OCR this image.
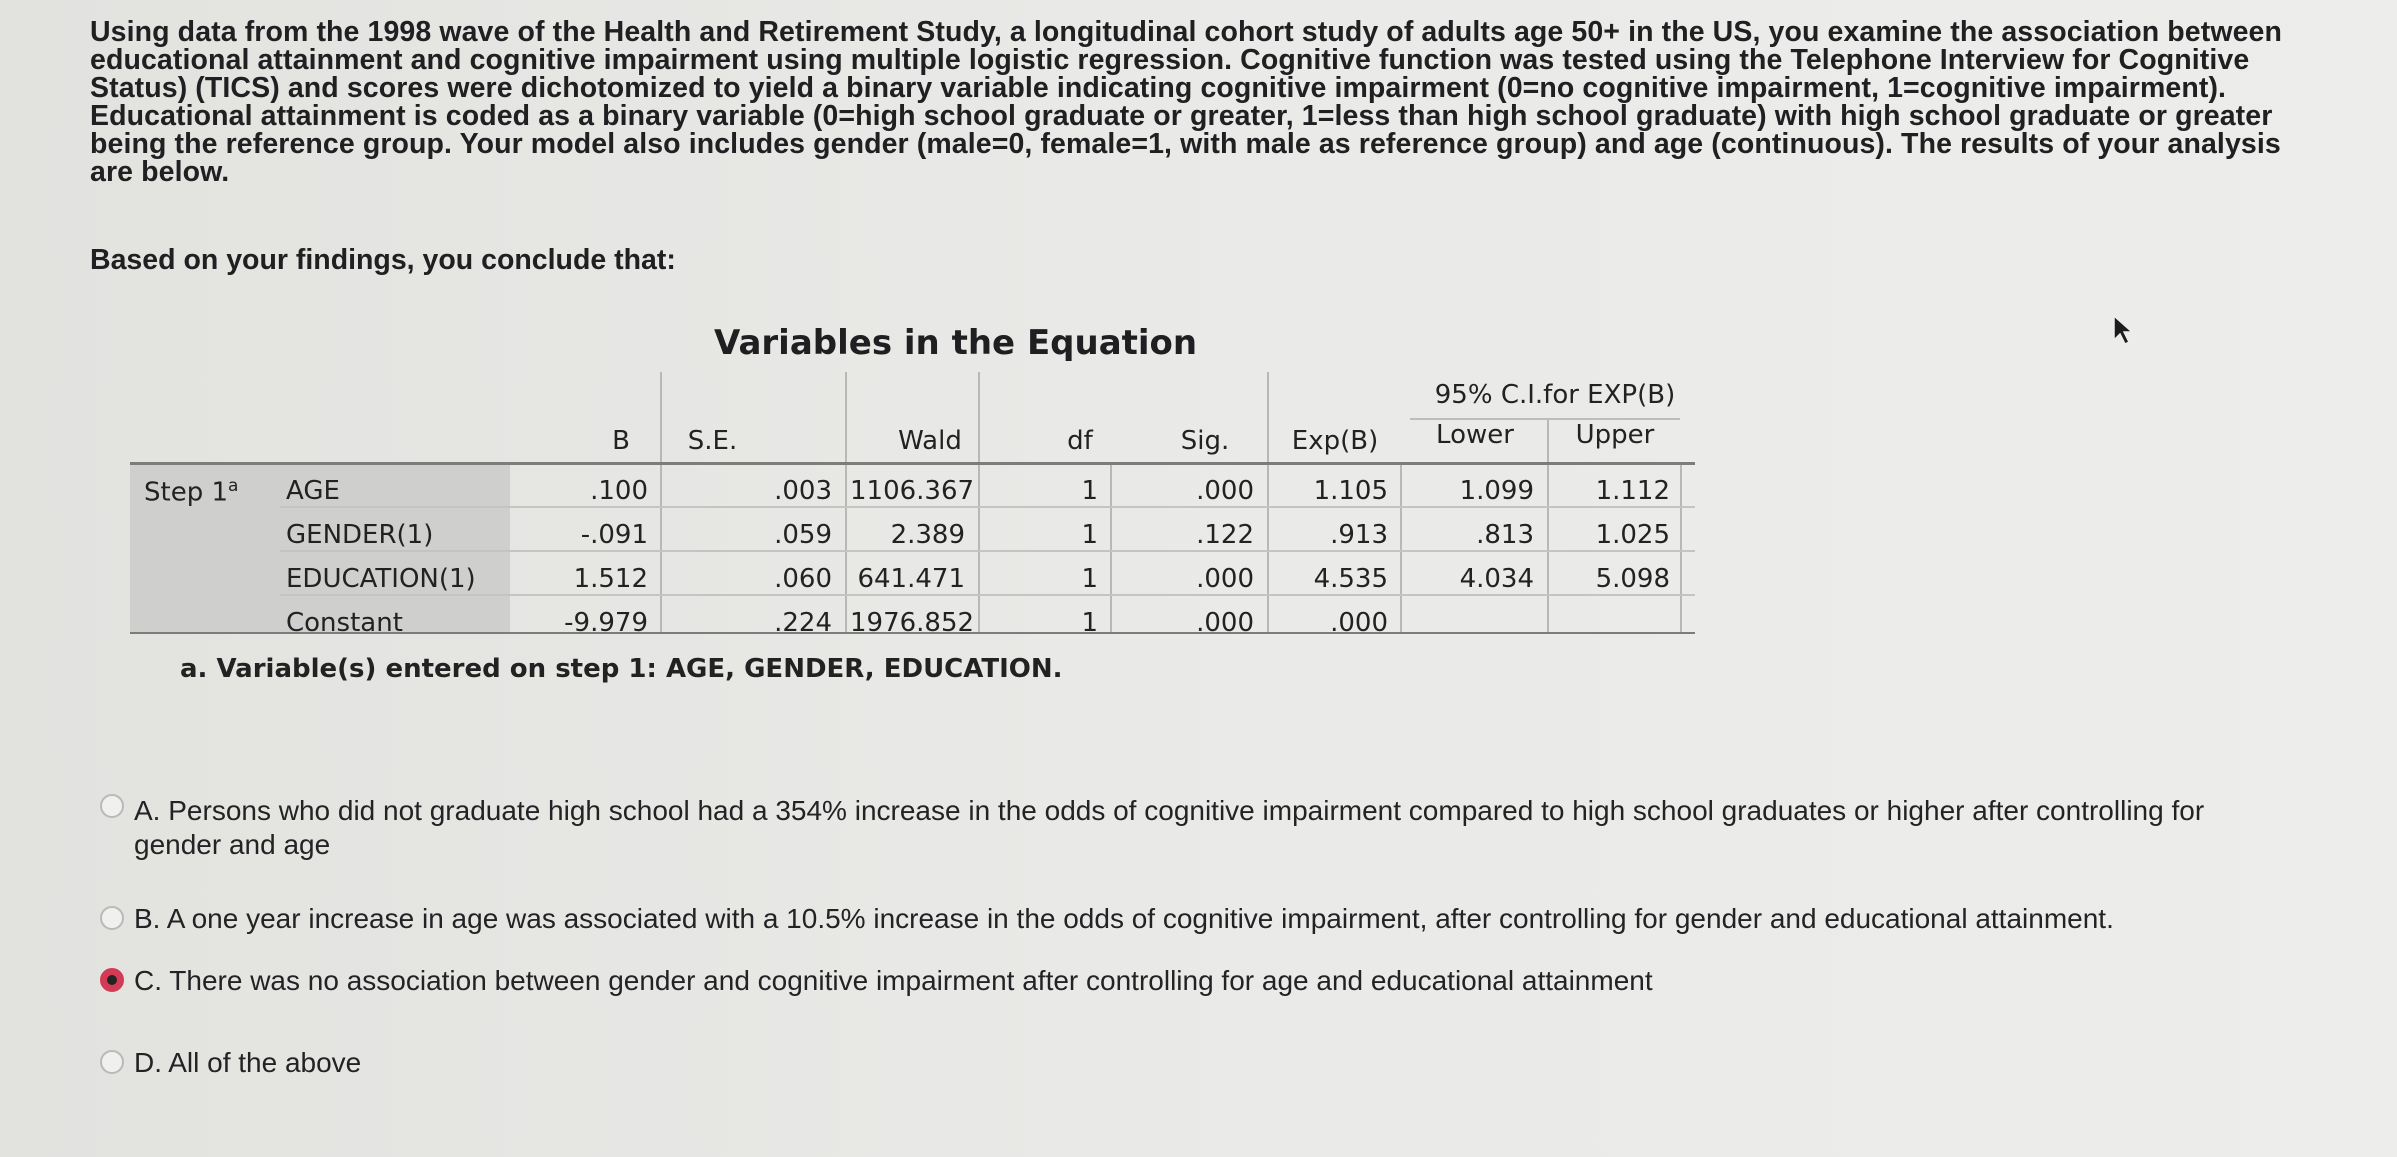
Using data from the 1998 wave of the Health and Retirement Study, a longitudinal cohort study of adults age 50+ in the US, you examine the association between educational attainment and cognitive impairment using multiple logistic regression. Cognitive function was tested using the Telephone Interview for Cognitive Status) (TICS) and scores were dichotomized to yield a binary variable indicating cognitive impairment (0=no cognitive impairment, 1=cognitive impairment). Educational attainment is coded as a binary variable (0=high school graduate or greater, 1=less than high school graduate) with high school graduate or greater being the reference group. Your model also includes gender (male=0, female=1, with male as reference group) and age (continuous). The results of your analysis are below.
Based on your findings, you conclude that:
Variables in the Equation
95% C.I.for EXP(B)
B	S.E.	Wald	df	Sig.	Exp(B)	Lower	Upper
Step 1$^a$ AGE	.100	.003 1106.367	1	.000	1.105	1.099	1.112
GENDER(1)	-.091	.059	2.389	1	.122	.913	.813	1.025
EDUCATION(1)	1.512	.060 641.471	1	.000	4.535	4.034	5.098
Constant	-9.979	.224 1976.852	1	.000	.000
a. Variable(s) entered on step 1: AGE, GENDER, EDUCATION.
A. Persons who did not graduate high school had a 354% increase in the odds of cognitive impairment compared to high school graduates or higher after controlling for gender and age
B. A one year increase in age was associated with a 10.5% increase in the odds of cognitive impairment, after controlling for gender and educational attainment.
C. There was no association between gender and cognitive impairment after controlling for age and educational attainment
D. All of the above
